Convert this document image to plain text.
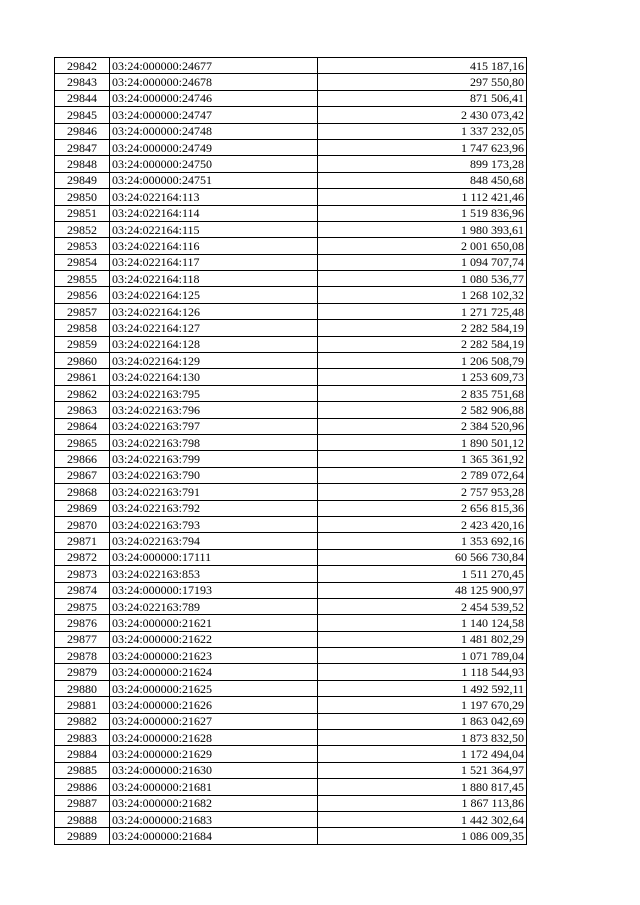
29842	03:24:000000:24677	415 187,16
29843	03:24:000000:24678	297 550,80
29844	03:24:000000:24746	871 506,41
29845	03:24:000000:24747	2 430 073,42
29846	03:24:000000:24748	1 337 232,05
29847	03:24:000000:24749	1 747 623,96
29848	03:24:000000:24750	899 173,28
29849	03:24:000000:24751	848 450,68
29850	03:24:022164:113	1 112 421,46
29851	03:24:022164:114	1 519 836,96
29852	03:24:022164:115	1 980 393,61
29853	03:24:022164:116	2 001 650,08
29854	03:24:022164:117	1 094 707,74
29855	03:24:022164:118	1 080 536,77
29856	03:24:022164:125	1 268 102,32
29857	03:24:022164:126	1 271 725,48
29858	03:24:022164:127	2 282 584,19
29859	03:24:022164:128	2 282 584,19
29860	03:24:022164:129	1 206 508,79
29861	03:24:022164:130	1 253 609,73
29862	03:24:022163:795	2 835 751,68
29863	03:24:022163:796	2 582 906,88
29864	03:24:022163:797	2 384 520,96
29865	03:24:022163:798	1 890 501,12
29866	03:24:022163:799	1 365 361,92
29867	03:24:022163:790	2 789 072,64
29868	03:24:022163:791	2 757 953,28
29869	03:24:022163:792	2 656 815,36
29870	03:24:022163:793	2 423 420,16
29871	03:24:022163:794	1 353 692,16
29872	03:24:000000:17111	60 566 730,84
29873	03:24:022163:853	1 511 270,45
29874	03:24:000000:17193	48 125 900,97
29875	03:24:022163:789	2 454 539,52
29876	03:24:000000:21621	1 140 124,58
29877	03:24:000000:21622	1 481 802,29
29878	03:24:000000:21623	1 071 789,04
29879	03:24:000000:21624	1 118 544,93
29880	03:24:000000:21625	1 492 592,11
29881	03:24:000000:21626	1 197 670,29
29882	03:24:000000:21627	1 863 042,69
29883	03:24:000000:21628	1 873 832,50
29884	03:24:000000:21629	1 172 494,04
29885	03:24:000000:21630	1 521 364,97
29886	03:24:000000:21681	1 880 817,45
29887	03:24:000000:21682	1 867 113,86
29888	03:24:000000:21683	1 442 302,64
29889	03:24:000000:21684	1 086 009,35
